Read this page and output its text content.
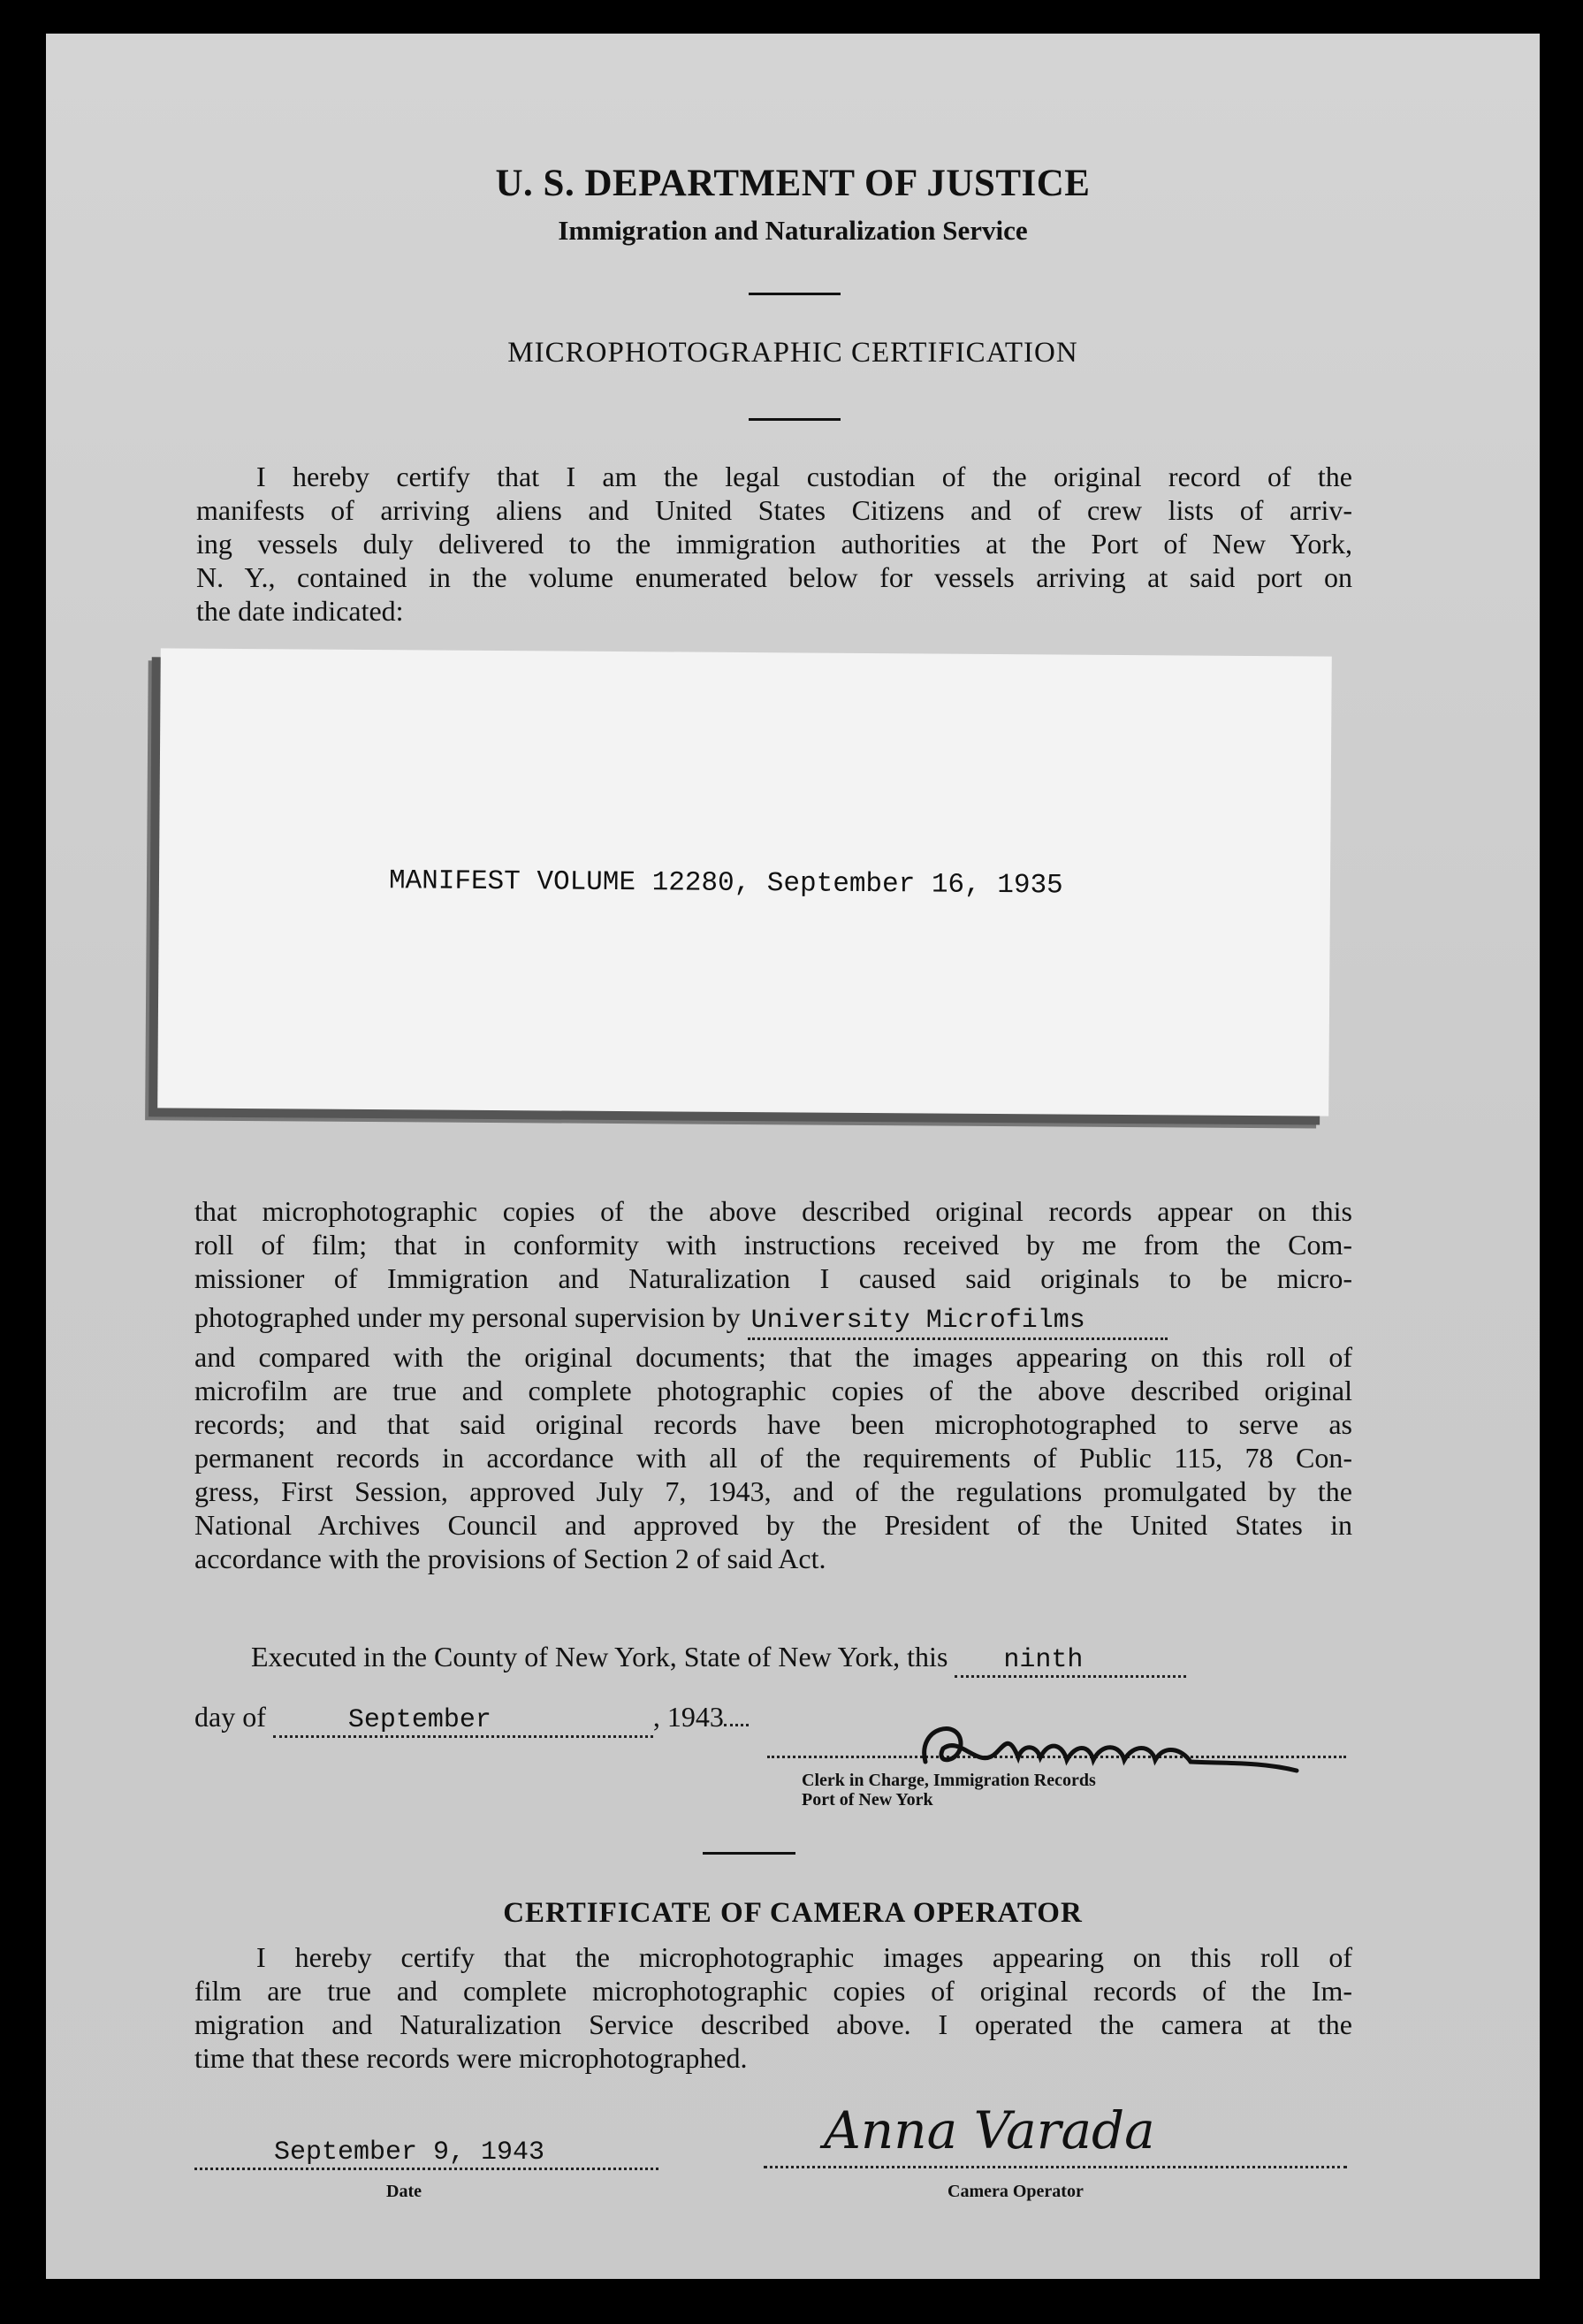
U. S. DEPARTMENT OF JUSTICE
Immigration and Naturalization Service
MICROPHOTOGRAPHIC CERTIFICATION
I hereby certify that I am the legal custodian of the original record of the
manifests of arriving aliens and United States Citizens and of crew lists of arriv-
ing vessels duly delivered to the immigration authorities at the Port of New York,
N. Y., contained in the volume enumerated below for vessels arriving at said port on
the date indicated:
MANIFEST VOLUME 12280, September 16, 1935
that microphotographic copies of the above described original records appear on this
roll of film; that in conformity with instructions received by me from the Com-
missioner of Immigration and Naturalization I caused said originals to be micro-
photographed under my personal supervision by University Microfilms
and compared with the original documents; that the images appearing on this roll of
microfilm are true and complete photographic copies of the above described original
records; and that said original records have been microphotographed to serve as
permanent records in accordance with all of the requirements of Public 115, 78 Con-
gress, First Session, approved July 7, 1943, and of the regulations promulgated by the
National Archives Council and approved by the President of the United States in
accordance with the provisions of Section 2 of said Act.
Executed in the County of New York, State of New York, this ninth
day of	September	, 1943
Clerk in Charge, Immigration Records
Port of New York
CERTIFICATE OF CAMERA OPERATOR
I hereby certify that the microphotographic images appearing on this roll of
film are true and complete microphotographic copies of original records of the Im-
migration and Naturalization Service described above. I operated the camera at the
time that these records were microphotographed.
September 9, 1943
Date
Anna Varada
Camera Operator
